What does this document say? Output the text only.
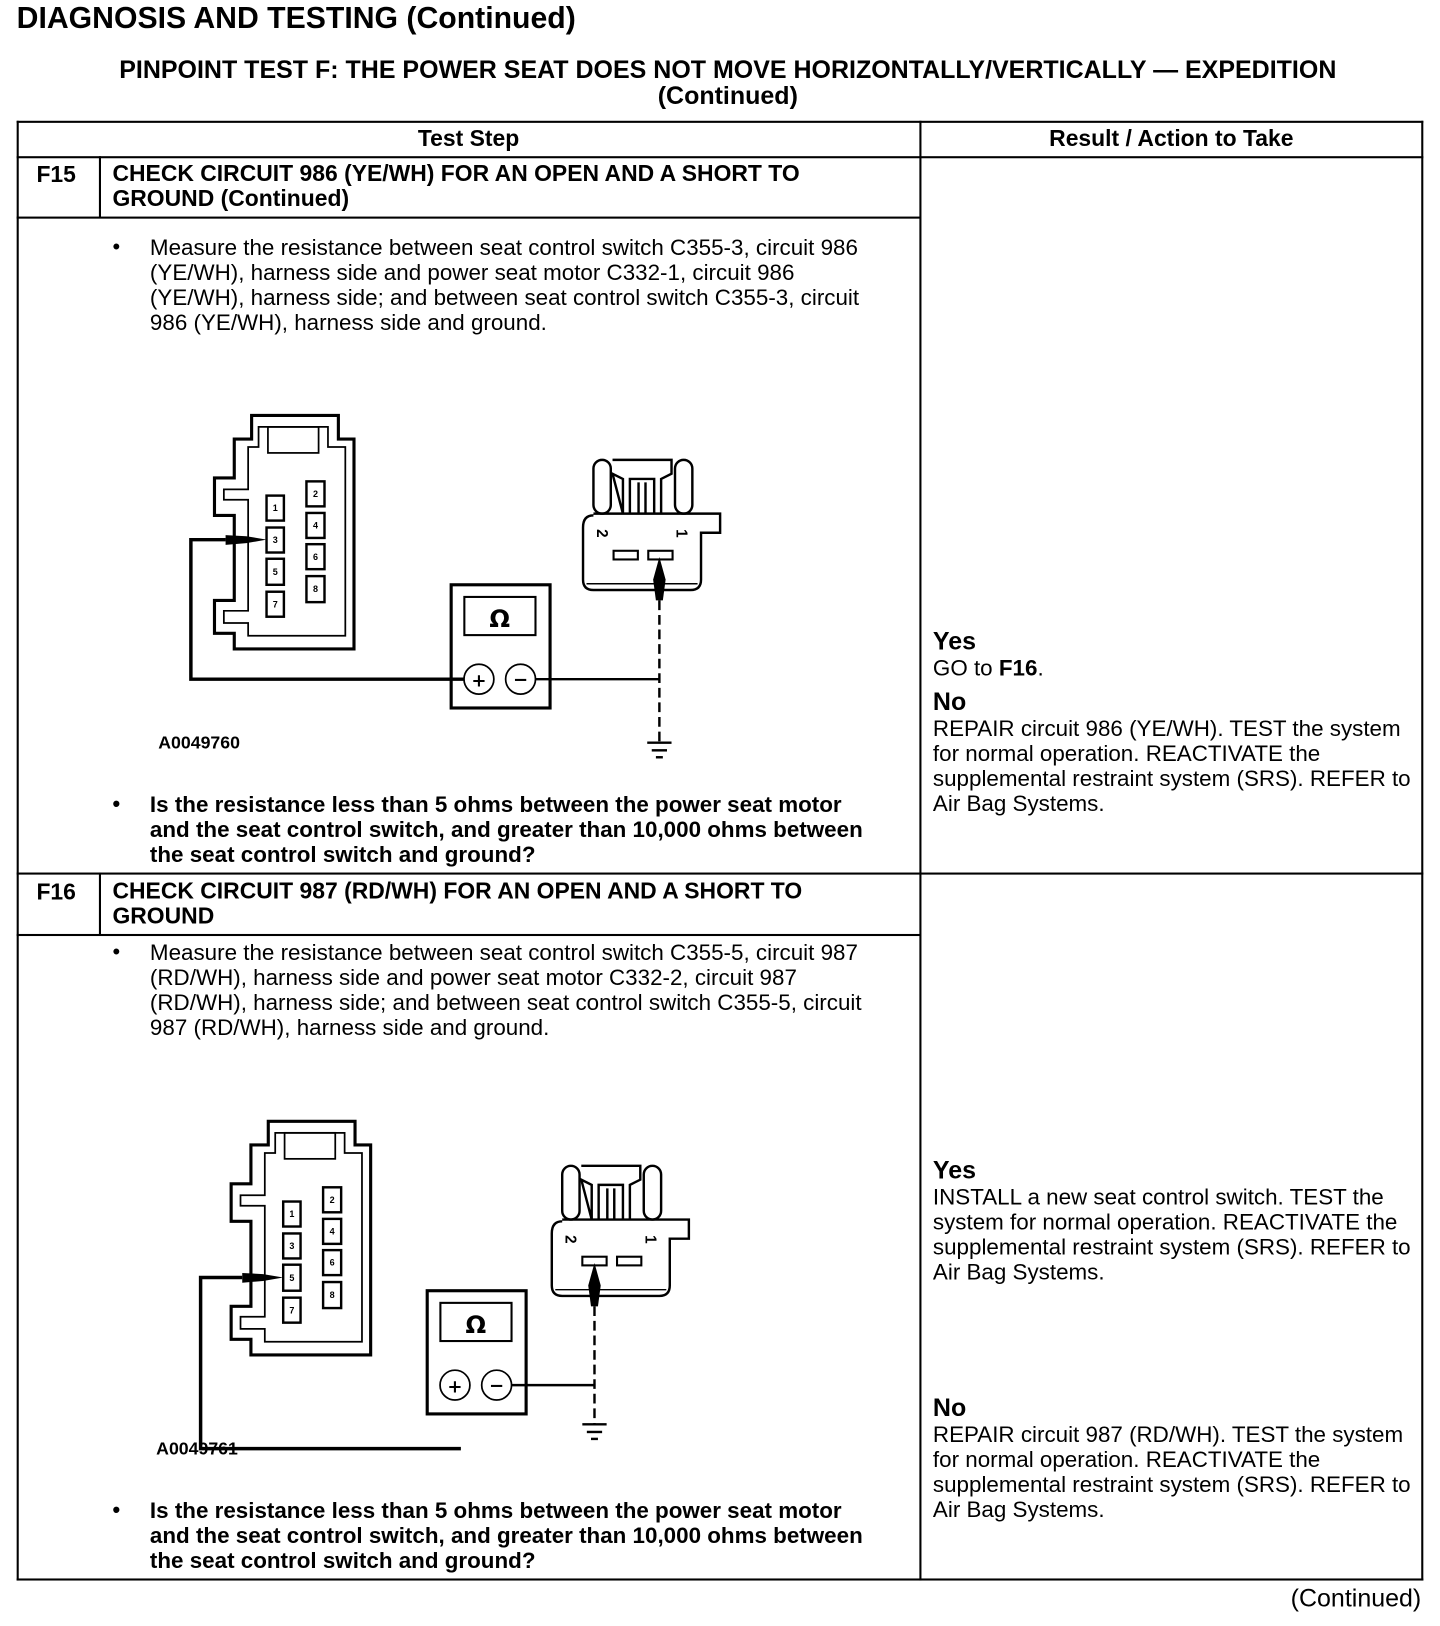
DIAGNOSIS AND TESTING (Continued)
PINPOINT TEST F: THE POWER SEAT DOES NOT MOVE HORIZONTALLY/VERTICALLY — EXPEDITION
(Continued)
Test Step	Result / Action to Take
F15 CHECK CIRCUIT 986 (YE/WH) FOR AN OPEN AND A SHORT TO GROUND (Continued)
• Measure the resistance between seat control switch C355-3, circuit 986 (YE/WH), harness side and power seat motor C332-1, circuit 986 (YE/WH), harness side; and between seat control switch C355-3, circuit 986 (YE/WH), harness side and ground.
A0049760
• Is the resistance less than 5 ohms between the power seat motor and the seat control switch, and greater than 10,000 ohms between the seat control switch and ground?
Yes
GO to F16.
No
REPAIR circuit 986 (YE/WH). TEST the system for normal operation. REACTIVATE the supplemental restraint system (SRS). REFER to Air Bag Systems.
F16 CHECK CIRCUIT 987 (RD/WH) FOR AN OPEN AND A SHORT TO GROUND
• Measure the resistance between seat control switch C355-5, circuit 987 (RD/WH), harness side and power seat motor C332-2, circuit 987 (RD/WH), harness side; and between seat control switch C355-5, circuit 987 (RD/WH), harness side and ground.
A0049761
• Is the resistance less than 5 ohms between the power seat motor and the seat control switch, and greater than 10,000 ohms between the seat control switch and ground?
Yes
INSTALL a new seat control switch. TEST the system for normal operation. REACTIVATE the supplemental restraint system (SRS). REFER to Air Bag Systems.
No
REPAIR circuit 987 (RD/WH). TEST the system for normal operation. REACTIVATE the supplemental restraint system (SRS). REFER to Air Bag Systems.
(Continued)
1
3
5
7
2
4
6
8
Ω
+ −
2 1
1
3
5
7
2
4
6
8
Ω
+ −
2 1
